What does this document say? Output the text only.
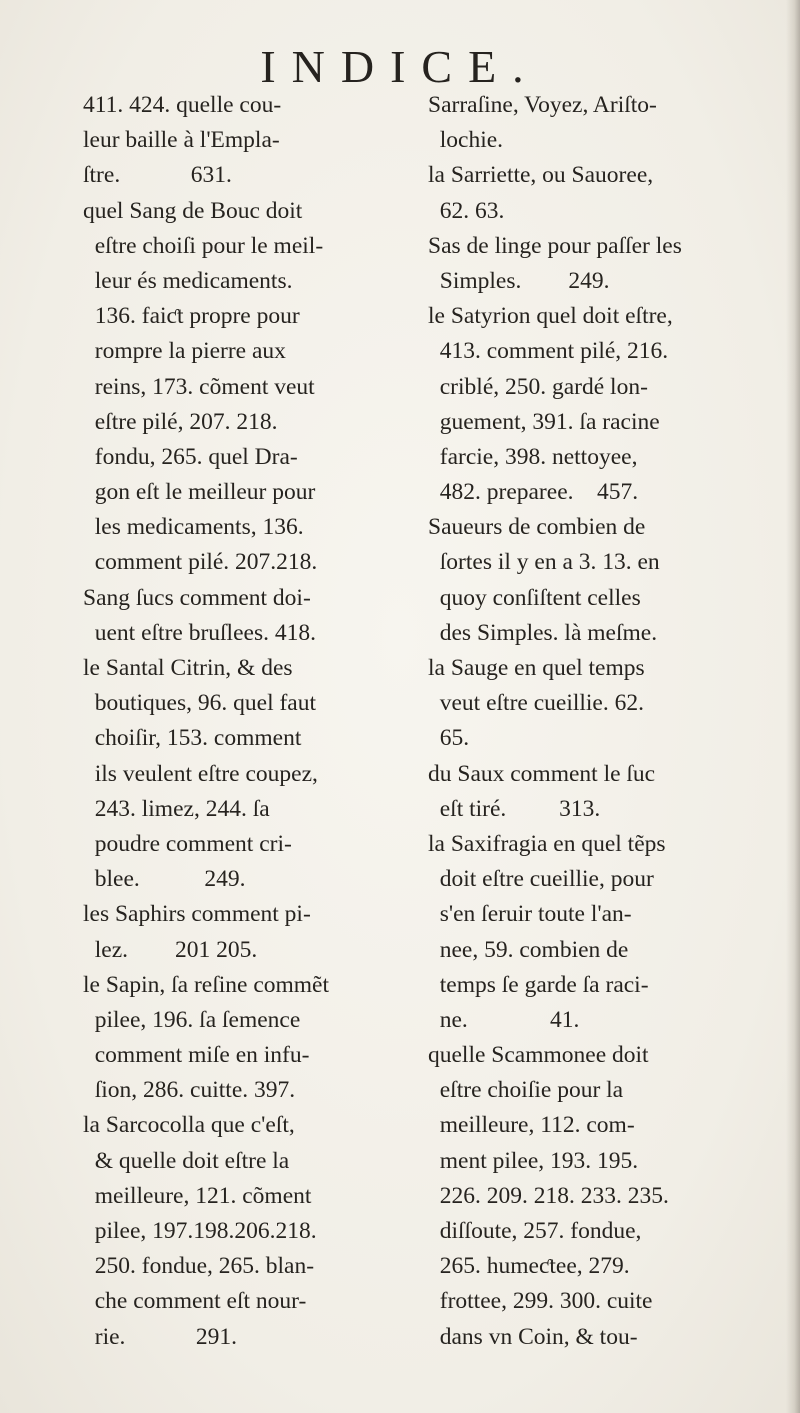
INDICE.
411. 424. quelle cou-
leur baille à l'Empla-
ſtre.            631.
quel Sang de Bouc doit
eſtre choiſi pour le meil-
leur és medicaments.
136. faiƈt propre pour
rompre la pierre aux
reins, 173. cõment veut
eſtre pilé, 207. 218.
fondu, 265. quel Dra-
gon eſt le meilleur pour
les medicaments, 136.
comment pilé. 207.218.
Sang ſucs comment doi-
uent eſtre bruſlees. 418.
le Santal Citrin, & des
boutiques, 96. quel faut
choiſir, 153. comment
ils veulent eſtre coupez,
243. limez, 244. ſa
poudre comment cri-
blee.           249.
les Saphirs comment pi-
lez.        201 205.
le Sapin, ſa reſine commẽt
pilee, 196. ſa ſemence
comment miſe en infu-
ſion, 286. cuitte. 397.
la Sarcocolla que c'eſt,
& quelle doit eſtre la
meilleure, 121. cõment
pilee, 197.198.206.218.
250. fondue, 265. blan-
che comment eſt nour-
rie.            291.
Sarraſine, Voyez, Ariſto-
lochie.
la Sarriette, ou Sauoree,
62. 63.
Sas de linge pour paſſer les
Simples.        249.
le Satyrion quel doit eſtre,
413. comment pilé, 216.
criblé, 250. gardé lon-
guement, 391. ſa racine
farcie, 398. nettoyee,
482. preparee.    457.
Saueurs de combien de
ſortes il y en a 3. 13. en
quoy conſiſtent celles
des Simples. là meſme.
la Sauge en quel temps
veut eſtre cueillie. 62.
65.
du Saux comment le ſuc
eſt tiré.         313.
la Saxifragia en quel tẽps
doit eſtre cueillie, pour
s'en ſeruir toute l'an-
nee, 59. combien de
temps ſe garde ſa raci-
ne.              41.
quelle Scammonee doit
eſtre choiſie pour la
meilleure, 112. com-
ment pilee, 193. 195.
226. 209. 218. 233. 235.
diſſoute, 257. fondue,
265. humeƈtee, 279.
frottee, 299. 300. cuite
dans vn Coin, & tou-
